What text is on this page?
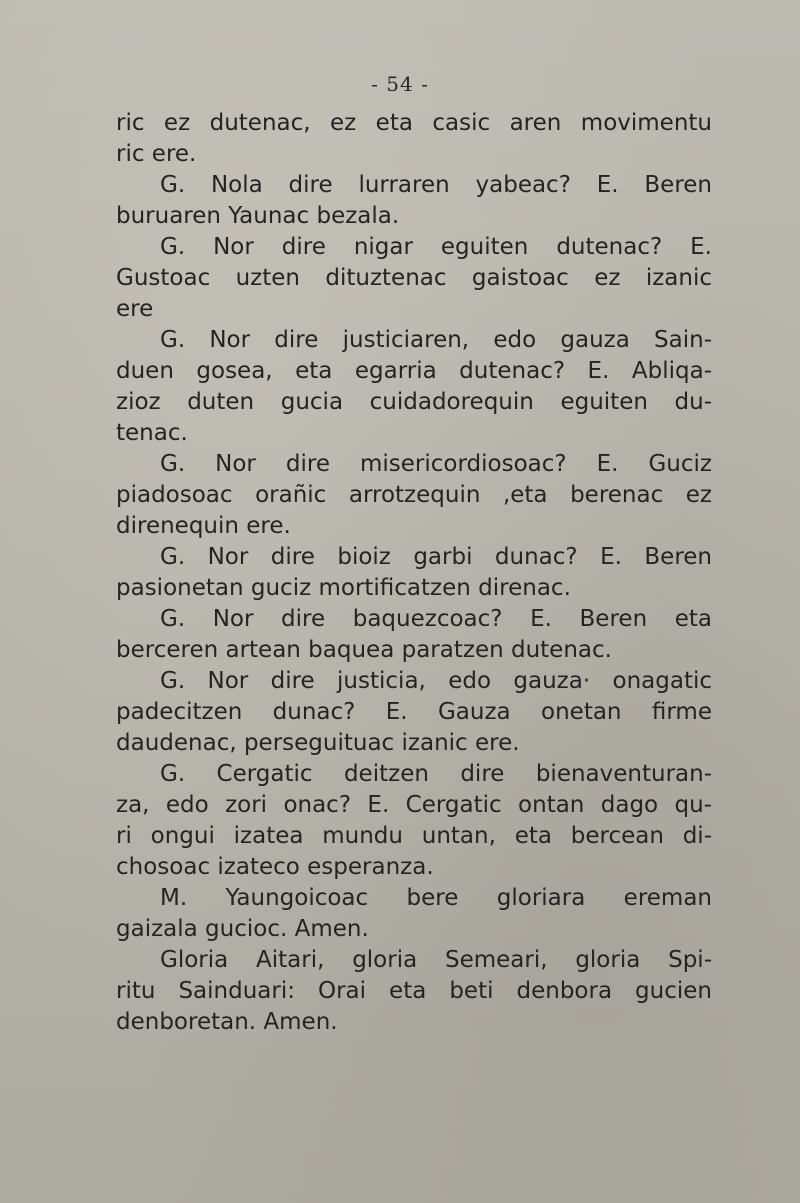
- 54 -
ric ez dutenac, ez eta casic aren movimentu
ric ere.
G. Nola dire lurraren yabeac? E. Beren
buruaren Yaunac bezala.
G. Nor dire nigar eguiten dutenac? E.
Gustoac uzten dituztenac gaistoac ez izanic
ere
G. Nor dire justiciaren, edo gauza Sain-
duen gosea, eta egarria dutenac? E. Abliqa-
zioz duten gucia cuidadorequin eguiten du-
tenac.
G. Nor dire misericordiosoac? E. Guciz
piadosoac orañic arrotzequin ,eta berenac ez
direnequin ere.
G. Nor dire bioiz garbi dunac? E. Beren
pasionetan guciz mortificatzen direnac.
G. Nor dire baquezcoac? E. Beren eta
berceren artean baquea paratzen dutenac.
G. Nor dire justicia, edo gauza· onagatic
padecitzen dunac? E. Gauza onetan firme
daudenac, perseguituac izanic ere.
G. Cergatic deitzen dire bienaventuran-
za, edo zori onac? E. Cergatic ontan dago qu-
ri ongui izatea mundu untan, eta bercean di-
chosoac izateco esperanza.
M. Yaungoicoac bere gloriara ereman
gaizala gucioc. Amen.
Gloria Aitari, gloria Semeari, gloria Spi-
ritu Sainduari: Orai eta beti denbora gucien
denboretan. Amen.
